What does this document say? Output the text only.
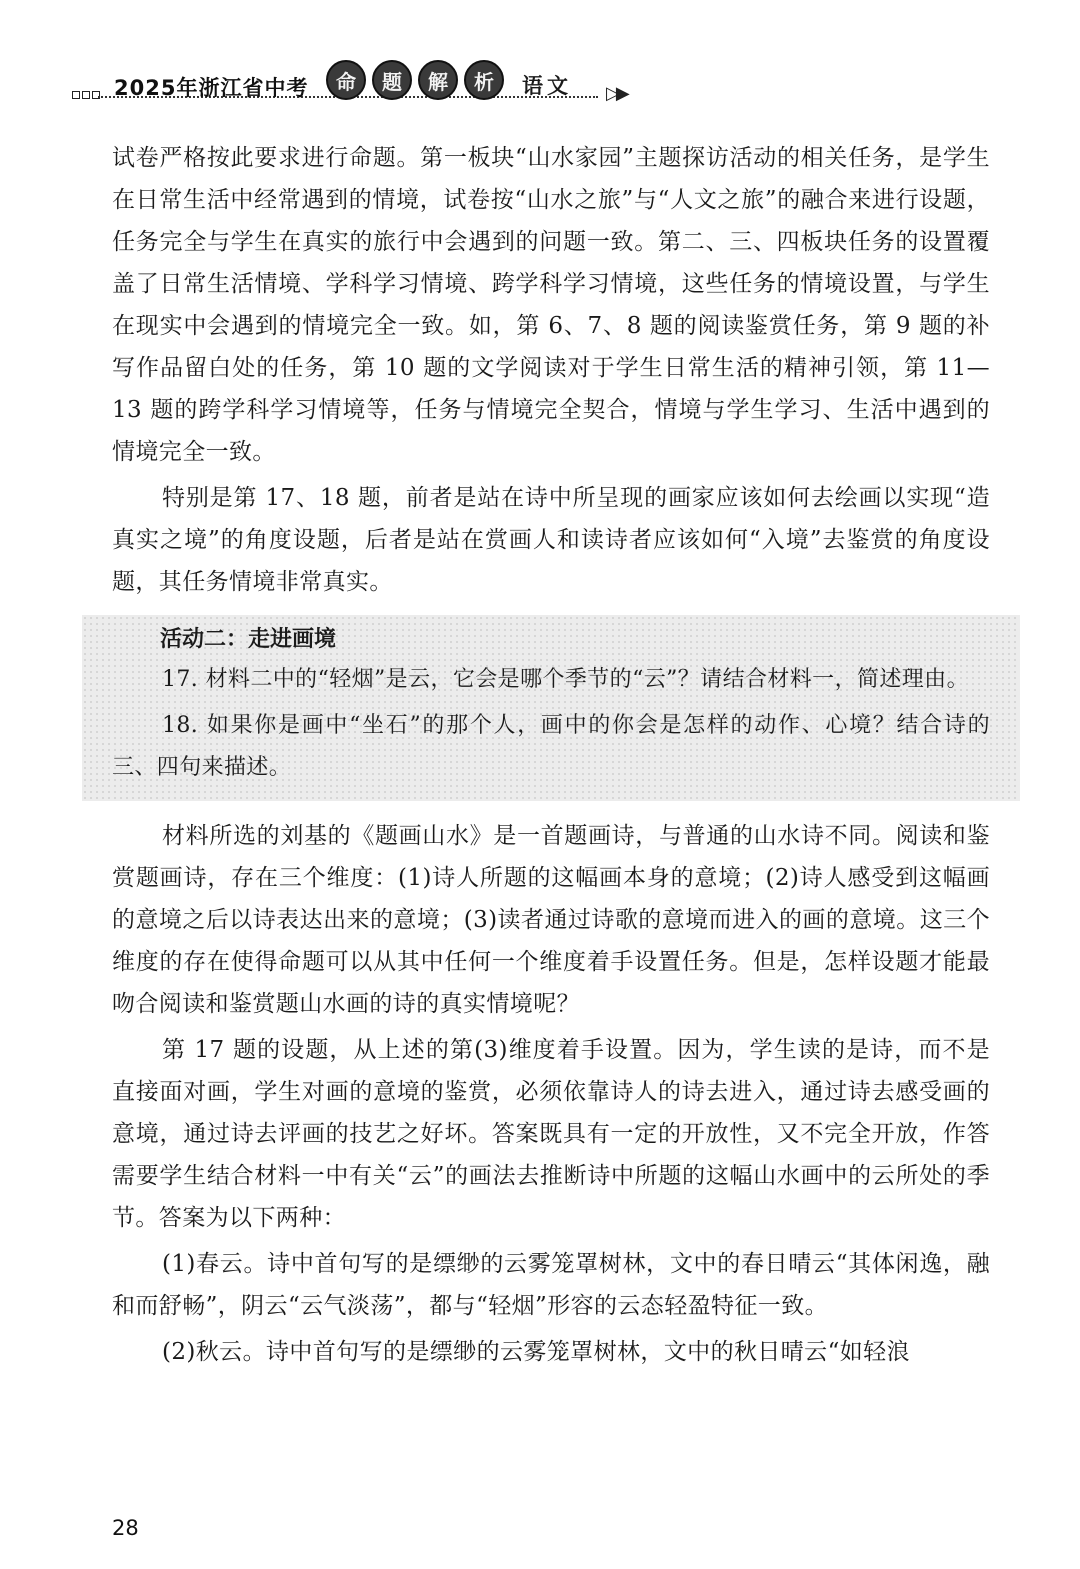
2025年浙江省中考	命	题	解	析	语文 ▷▶

试卷严格按此要求进行命题。第一板块“山水家园”主题探访活动的相关任务，是学生在日常生活中经常遇到的情境，试卷按“山水之旅”与“人文之旅”的融合来进行设题，任务完全与学生在真实的旅行中会遇到的问题一致。第二、三、四板块任务的设置覆盖了日常生活情境、学科学习情境、跨学科学习情境，这些任务的情境设置，与学生在现实中会遇到的情境完全一致。如，第 6、7、8 题的阅读鉴赏任务，第 9 题的补写作品留白处的任务，第 10 题的文学阅读对于学生日常生活的精神引领，第 11—13 题的跨学科学习情境等，任务与情境完全契合，情境与学生学习、生活中遇到的情境完全一致。

特别是第 17、18 题，前者是站在诗中所呈现的画家应该如何去绘画以实现“造真实之境”的角度设题，后者是站在赏画人和读诗者应该如何“入境”去鉴赏的角度设题，其任务情境非常真实。

活动二：走进画境

17. 材料二中的“轻烟”是云，它会是哪个季节的“云”？请结合材料一，简述理由。

18. 如果你是画中“坐石”的那个人，画中的你会是怎样的动作、心境？结合诗的三、四句来描述。

材料所选的刘基的《题画山水》是一首题画诗，与普通的山水诗不同。阅读和鉴赏题画诗，存在三个维度：(1)诗人所题的这幅画本身的意境；(2)诗人感受到这幅画的意境之后以诗表达出来的意境；(3)读者通过诗歌的意境而进入的画的意境。这三个维度的存在使得命题可以从其中任何一个维度着手设置任务。但是，怎样设题才能最吻合阅读和鉴赏题山水画的诗的真实情境呢？

第 17 题的设题，从上述的第(3)维度着手设置。因为，学生读的是诗，而不是直接面对画，学生对画的意境的鉴赏，必须依靠诗人的诗去进入，通过诗去感受画的意境，通过诗去评画的技艺之好坏。答案既具有一定的开放性，又不完全开放，作答需要学生结合材料一中有关“云”的画法去推断诗中所题的这幅山水画中的云所处的季节。答案为以下两种：

(1)春云。诗中首句写的是缥缈的云雾笼罩树林，文中的春日晴云“其体闲逸，融和而舒畅”，阴云“云气淡荡”，都与“轻烟”形容的云态轻盈特征一致。

(2)秋云。诗中首句写的是缥缈的云雾笼罩树林，文中的秋日晴云“如轻浪

28
